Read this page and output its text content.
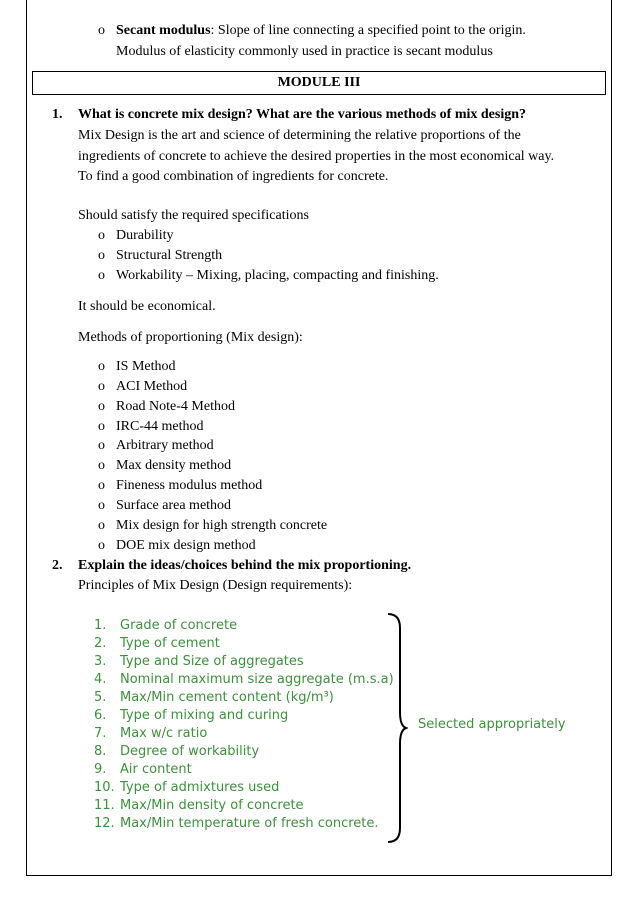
o Secant modulus: Slope of line connecting a specified point to the origin.
Modulus of elasticity commonly used in practice is secant modulus
MODULE III
1. What is concrete mix design? What are the various methods of mix design?
Mix Design is the art and science of determining the relative proportions of the
ingredients of concrete to achieve the desired properties in the most economical way.
To find a good combination of ingredients for concrete.
Should satisfy the required specifications
o Durability
o Structural Strength
o Workability – Mixing, placing, compacting and finishing.
It should be economical.
Methods of proportioning (Mix design):
o IS Method
o ACI Method
o Road Note-4 Method
o IRC-44 method
o Arbitrary method
o Max density method
o Fineness modulus method
o Surface area method
o Mix design for high strength concrete
o DOE mix design method
2. Explain the ideas/choices behind the mix proportioning.
Principles of Mix Design (Design requirements):
1. Grade of concrete
2. Type of cement
3. Type and Size of aggregates
4. Nominal maximum size aggregate (m.s.a)
5. Max/Min cement content (kg/m³)
6. Type of mixing and curing
7. Max w/c ratio
8. Degree of workability
9. Air content
10. Type of admixtures used
11. Max/Min density of concrete
12. Max/Min temperature of fresh concrete.
Selected appropriately
